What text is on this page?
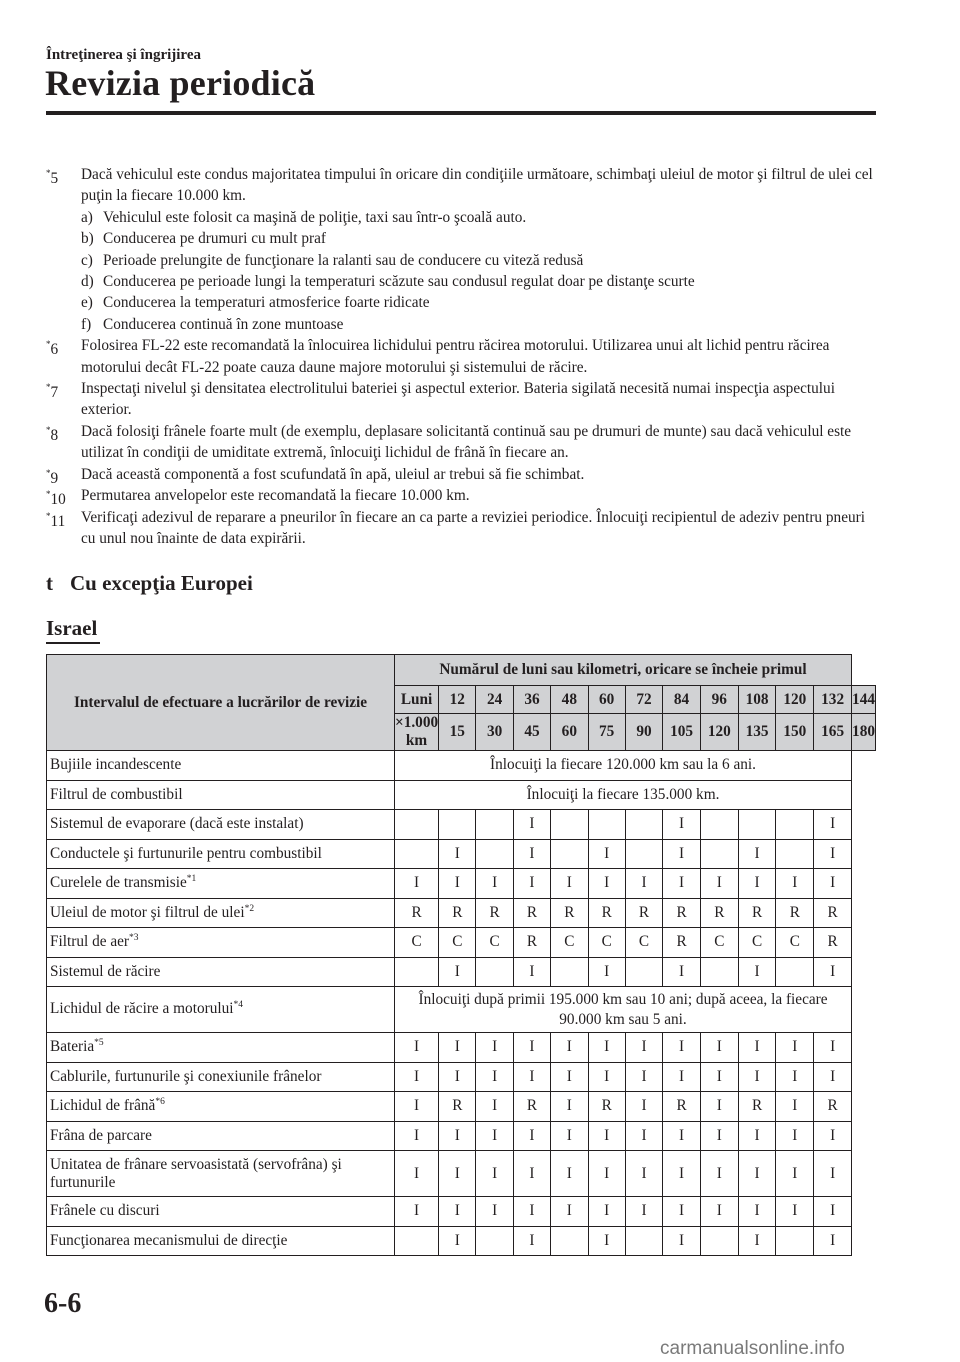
Întreţinerea şi îngrijirea
Revizia periodică
*5 Dacă vehiculul este condus majoritatea timpului în oricare din condiţiile următoare, schimbaţi uleiul de motor şi filtrul de ulei cel puţin la fiecare 10.000 km.
a) Vehiculul este folosit ca maşină de poliţie, taxi sau într-o şcoală auto.
b) Conducerea pe drumuri cu mult praf
c) Perioade prelungite de funcţionare la ralanti sau de conducere cu viteză redusă
d) Conducerea pe perioade lungi la temperaturi scăzute sau condusul regulat doar pe distanţe scurte
e) Conducerea la temperaturi atmosferice foarte ridicate
f) Conducerea continuă în zone muntoase
*6 Folosirea FL-22 este recomandată la înlocuirea lichidului pentru răcirea motorului. Utilizarea unui alt lichid pentru răcirea motorului decât FL-22 poate cauza daune majore motorului şi sistemului de răcire.
*7 Inspectaţi nivelul şi densitatea electrolitului bateriei şi aspectul exterior. Bateria sigilată necesită numai inspecţia aspectului exterior.
*8 Dacă folosiţi frânele foarte mult (de exemplu, deplasare solicitantă continuă sau pe drumuri de munte) sau dacă vehiculul este utilizat în condiţii de umiditate extremă, înlocuiţi lichidul de frână în fiecare an.
*9 Dacă această componentă a fost scufundată în apă, uleiul ar trebui să fie schimbat.
*10 Permutarea anvelopelor este recomandată la fiecare 10.000 km.
*11 Verificaţi adezivul de reparare a pneurilor în fiecare an ca parte a reviziei periodice. Înlocuiţi recipientul de adeziv pentru pneuri cu unul nou înainte de data expirării.
t Cu excepţia Europei
Israel
Intervalul de efectuare a lucrărilor de revizie	Numărul de luni sau kilometri, oricare se încheie primul												
	Luni	12	24	36	48	60	72	84	96	108	120	132	144
	×1.000 km	15	30	45	60	75	90	105	120	135	150	165	180
Bujiile incandescente	Înlocuiţi la fiecare 120.000 km sau la 6 ani.												
Filtrul de combustibil	Înlocuiţi la fiecare 135.000 km.												
Sistemul de evaporare (dacă este instalat)				I				I				I	
Conductele şi furtunurile pentru combustibil		I		I		I		I		I		I	
Curelele de transmisie$^{*1}$	I	I	I	I	I	I	I	I	I	I	I	I	
Uleiul de motor şi filtrul de ulei$^{*2}$	R	R	R	R	R	R	R	R	R	R	R	R	
Filtrul de aer$^{*3}$	C	C	C	R	C	C	C	R	C	C	C	R	
Sistemul de răcire		I		I		I		I		I		I	
Lichidul de răcire a motorului$^{*4}$	Înlocuiţi după primii 195.000 km sau 10 ani; după aceea, la fiecare 90.000 km sau 5 ani.												
Bateria$^{*5}$	I	I	I	I	I	I	I	I	I	I	I	I	
Cablurile, furtunurile şi conexiunile frânelor	I	I	I	I	I	I	I	I	I	I	I	I	
Lichidul de frână$^{*6}$	I	R	I	R	I	R	I	R	I	R	I	R	
Frâna de parcare	I	I	I	I	I	I	I	I	I	I	I	I	
Unitatea de frânare servoasistată (servofrâna) şi furtunurile	I	I	I	I	I	I	I	I	I	I	I	I	
Frânele cu discuri	I	I	I	I	I	I	I	I	I	I	I	I	
Funcţionarea mecanismului de direcţie		I		I		I		I		I		I	
6-6
carmanualsonline.info
